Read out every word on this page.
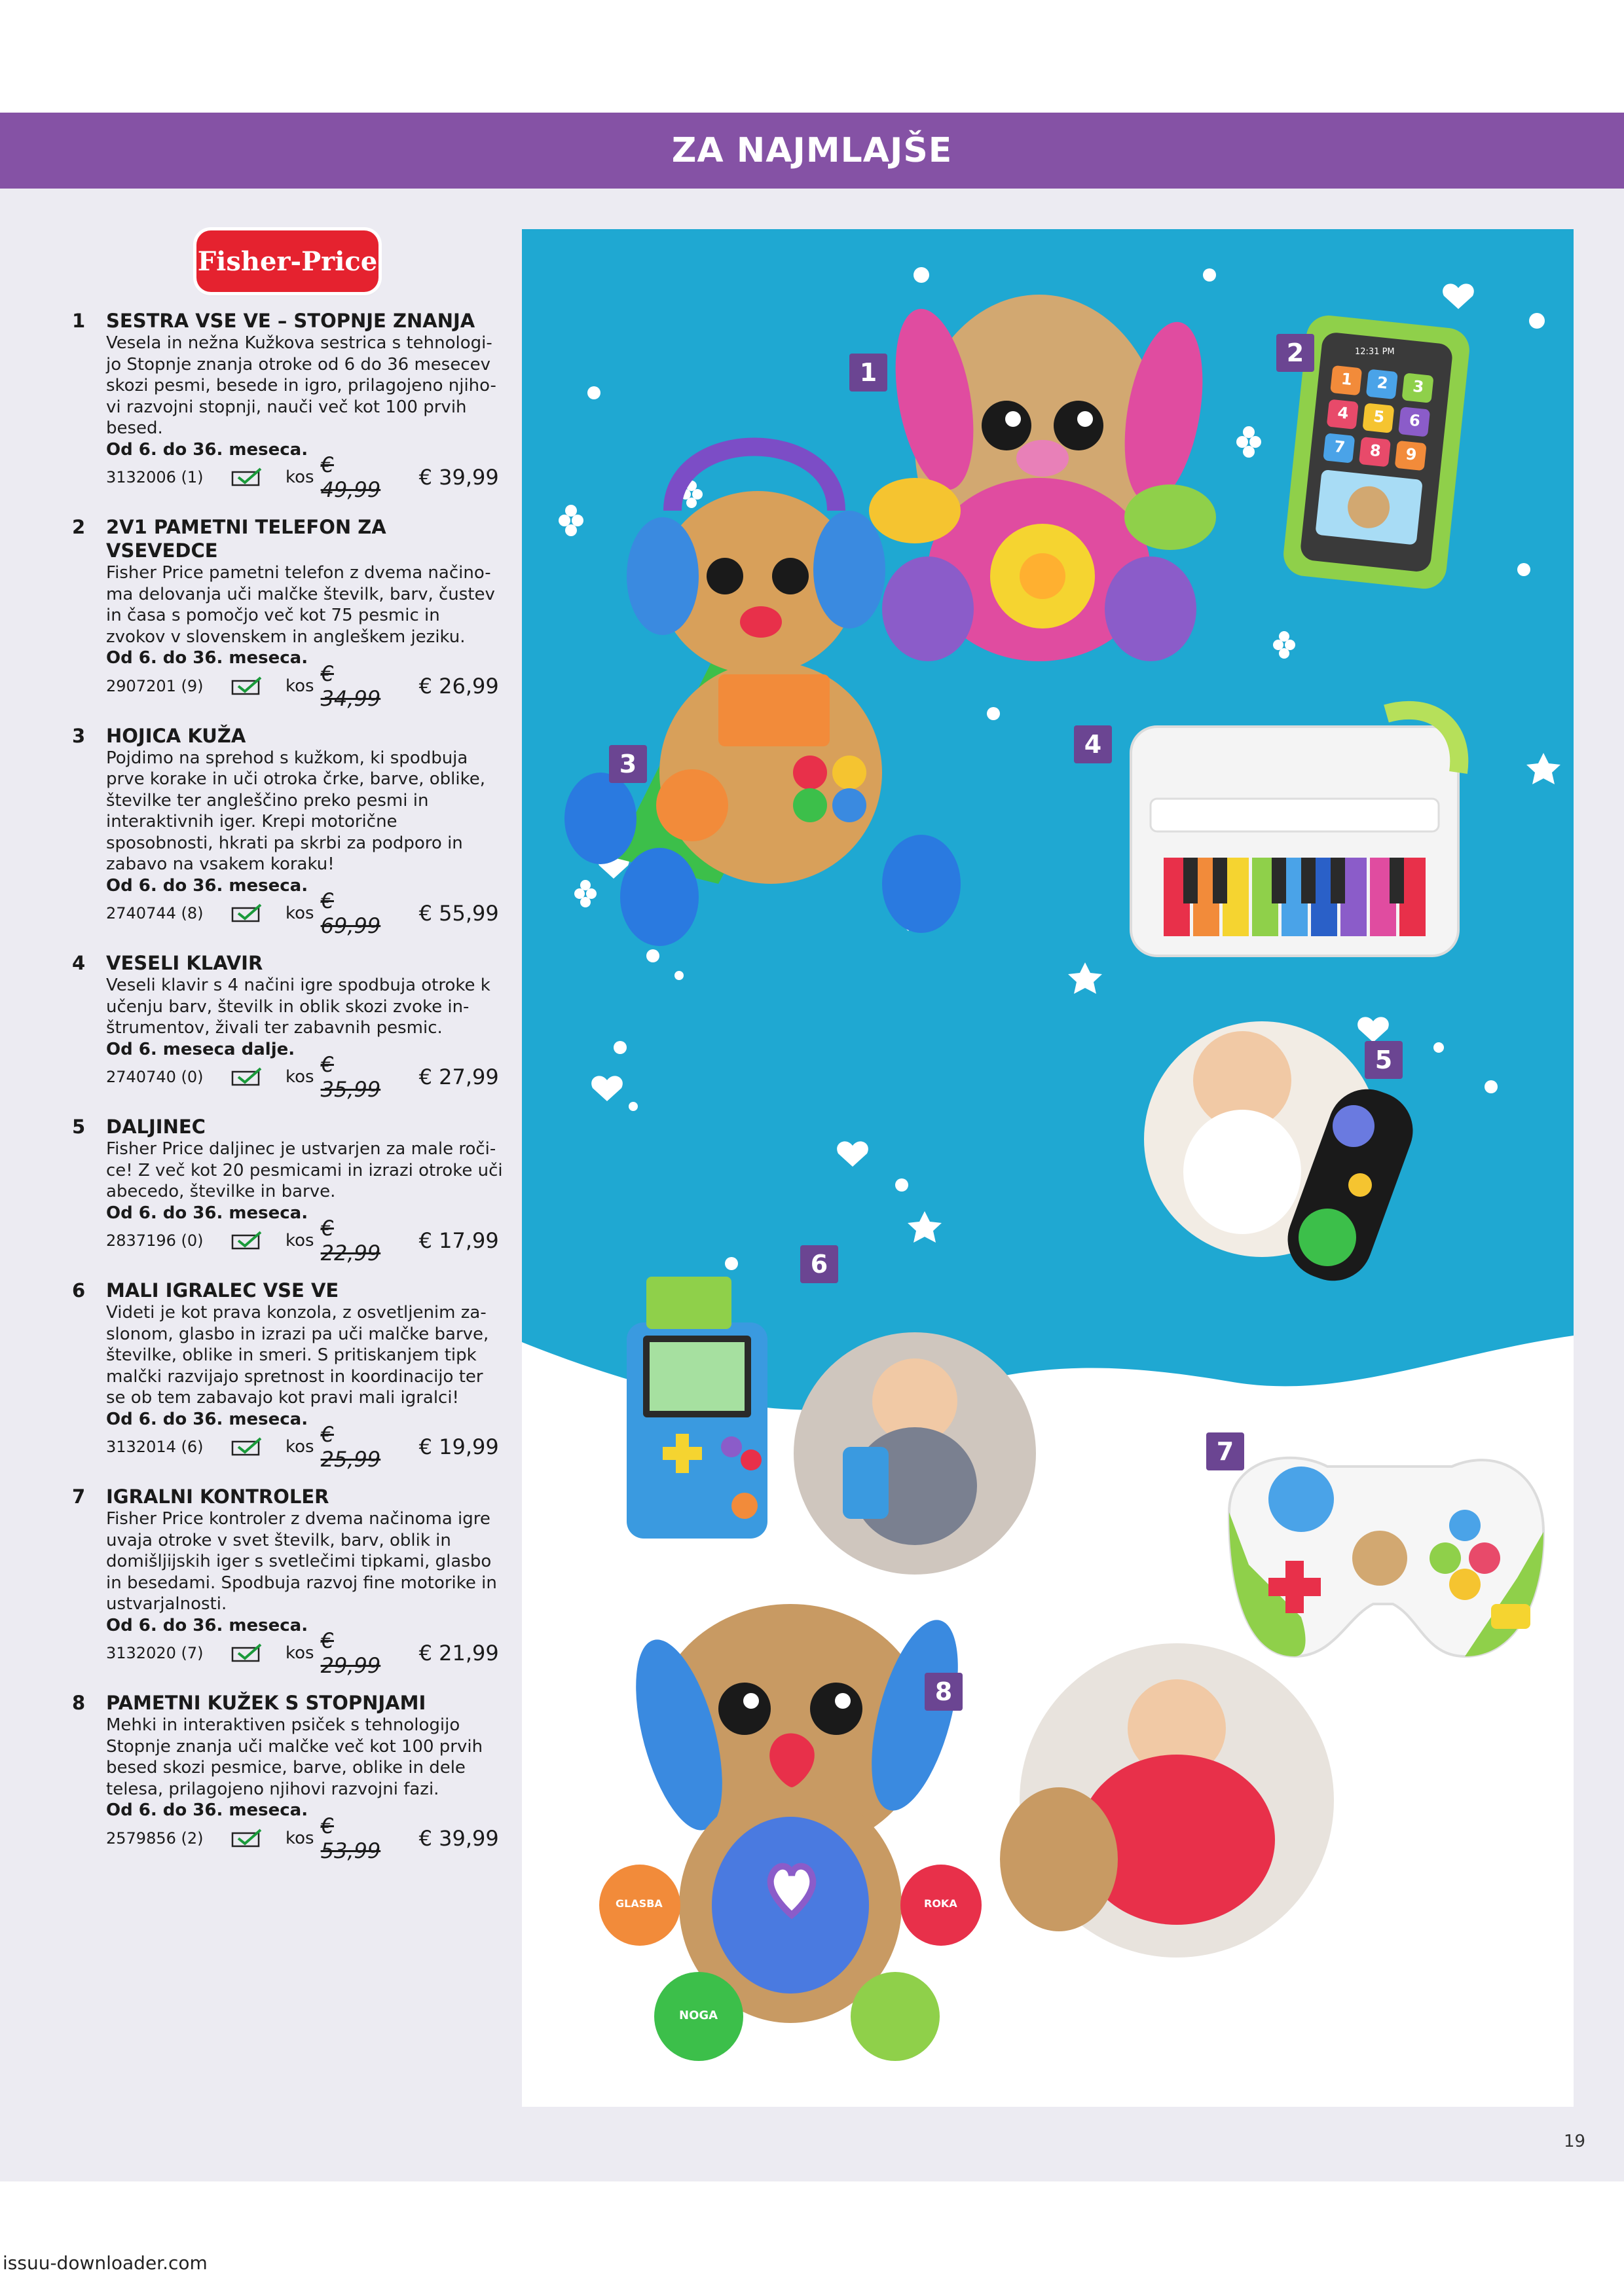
ZA NAJMLAJŠE
Fisher-Price
1	SESTRA VSE VE – STOPNJE ZNANJA
Vesela in nežna Kužkova sestrica s tehnologi-jo Stopnje znanja otroke od 6 do 36 mesecev skozi pesmi, besede in igro, prilagojeno njiho-vi razvojni stopnji, nauči več kot 100 prvih besed.
Od 6. do 36. meseca.
3132006 (1)	kos € 49,99	€ 39,99
2	2V1 PAMETNI TELEFON ZA VSEVEDCE
Fisher Price pametni telefon z dvema načino-ma delovanja uči malčke številk, barv, čustev in časa s pomočjo več kot 75 pesmic in zvokov v slovenskem in angleškem jeziku.
Od 6. do 36. meseca.
2907201 (9)	kos € 34,99	€ 26,99
3	HOJICA KUŽA
Pojdimo na sprehod s kužkom, ki spodbuja prve korake in uči otroka črke, barve, oblike, številke ter angleščino preko pesmi in interaktivnih iger. Krepi motorične sposobnosti, hkrati pa skrbi za podporo in zabavo na vsakem koraku!
Od 6. do 36. meseca.
2740744 (8)	kos € 69,99	€ 55,99
4	VESELI KLAVIR
Veseli klavir s 4 načini igre spodbuja otroke k učenju barv, številk in oblik skozi zvoke in-štrumentov, živali ter zabavnih pesmic.
Od 6. meseca dalje.
2740740 (0)	kos € 35,99	€ 27,99
5	DALJINEC
Fisher Price daljinec je ustvarjen za male roči-ce! Z več kot 20 pesmicami in izrazi otroke uči abecedo, številke in barve.
Od 6. do 36. meseca.
2837196 (0)	kos € 22,99	€ 17,99
6	MALI IGRALEC VSE VE
Videti je kot prava konzola, z osvetljenim za-slonom, glasbo in izrazi pa uči malčke barve, številke, oblike in smeri. S pritiskanjem tipk malčki razvijajo spretnost in koordinacijo ter se ob tem zabavajo kot pravi mali igralci!
Od 6. do 36. meseca.
3132014 (6)	kos € 25,99	€ 19,99
7	IGRALNI KONTROLER
Fisher Price kontroler z dvema načinoma igre uvaja otroke v svet številk, barv, oblik in domišljijskih iger s svetlečimi tipkami, glasbo in besedami. Spodbuja razvoj fine motorike in ustvarjalnosti.
Od 6. do 36. meseca.
3132020 (7)	kos € 29,99	€ 21,99
8	PAMETNI KUŽEK S STOPNJAMI
Mehki in interaktiven psiček s tehnologijo Stopnje znanja uči malčke več kot 100 prvih besed skozi pesmice, barve, oblike in dele telesa, prilagojeno njihovi razvojni fazi.
Od 6. do 36. meseca.
2579856 (2)	kos € 53,99	€ 39,99
GLASBA	ROKA
NOGA
12:31 PM
1	2	3
4	5	6
7	8	9
1
2
3
4
5
6
7
8
19
issuu-downloader.com
